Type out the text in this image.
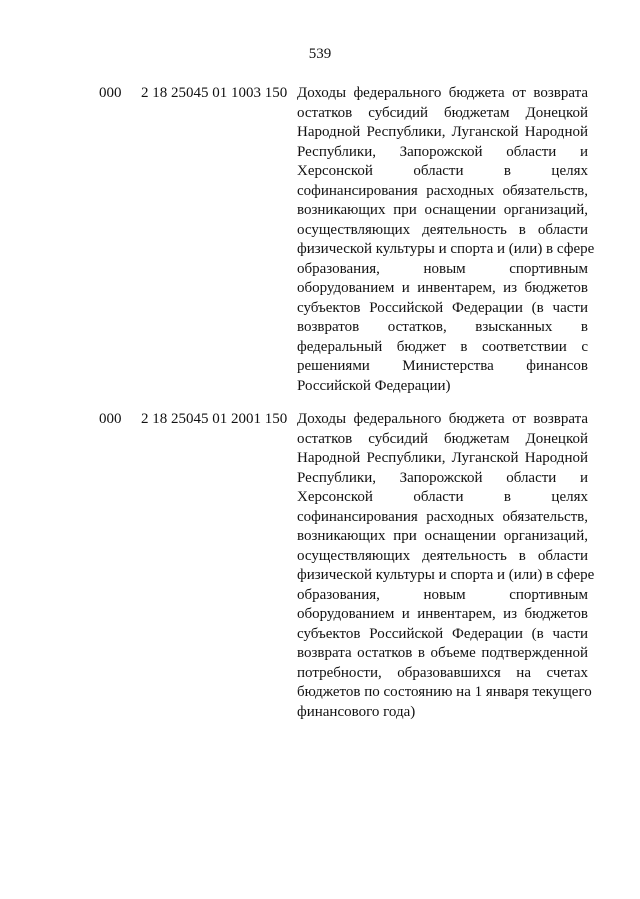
539
000 2 18 25045 01 1003 150 Доходы федерального бюджета от возврата
остатков субсидий бюджетам Донецкой
Народной Республики, Луганской Народной
Республики, Запорожской области и
Херсонской области в целях
софинансирования расходных обязательств,
возникающих при оснащении организаций,
осуществляющих деятельность в области
физической культуры и спорта и (или) в сфере
образования, новым спортивным
оборудованием и инвентарем, из бюджетов
субъектов Российской Федерации (в части
возвратов остатков, взысканных в
федеральный бюджет в соответствии с
решениями Министерства финансов
Российской Федерации)
000 2 18 25045 01 2001 150 Доходы федерального бюджета от возврата
остатков субсидий бюджетам Донецкой
Народной Республики, Луганской Народной
Республики, Запорожской области и
Херсонской области в целях
софинансирования расходных обязательств,
возникающих при оснащении организаций,
осуществляющих деятельность в области
физической культуры и спорта и (или) в сфере
образования, новым спортивным
оборудованием и инвентарем, из бюджетов
субъектов Российской Федерации (в части
возврата остатков в объеме подтвержденной
потребности, образовавшихся на счетах
бюджетов по состоянию на 1 января текущего
финансового года)
